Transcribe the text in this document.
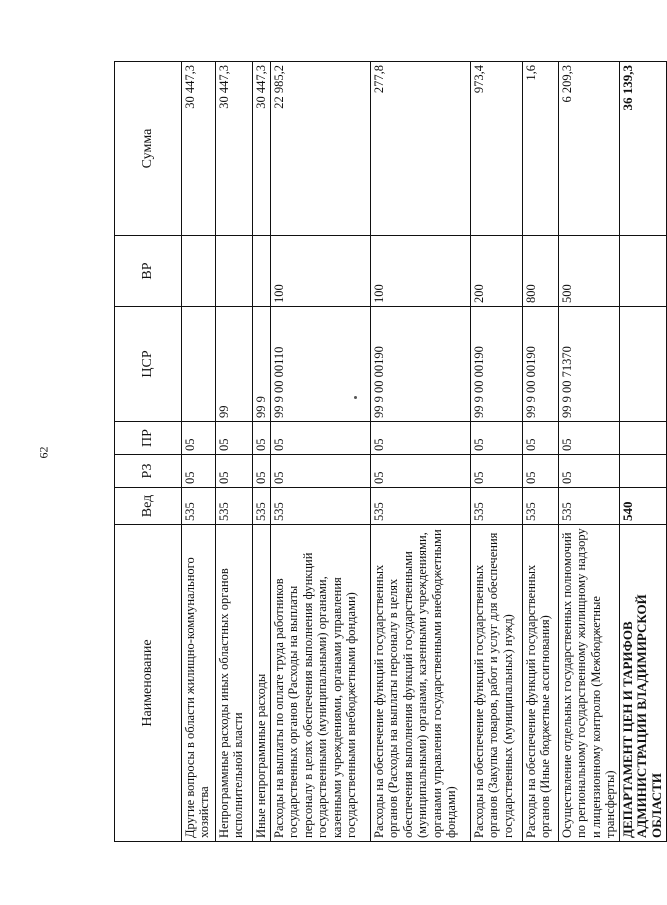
62
Наименование	Вед	РЗ	ПР	ЦСР	ВР	Сумма
Другие вопросы в области жилищно-коммунального хозяйства	535	05	05			30 447,3
Непрограммные расходы иных областных органов исполнительной власти	535	05	05	99		30 447,3
Иные непрограммные расходы	535	05	05	99 9		30 447,3
Расходы на выплаты по оплате труда работников государственных органов (Расходы на выплаты персоналу в целях обеспечения выполнения функций государственными (муниципальными) органами, казенными учреждениями, органами управления государственными внебюджетными фондами)	535	05	05	99 9 00 00110	100	22 985,2
Расходы на обеспечение функций государственных органов (Расходы на выплаты персоналу в целях обеспечения выполнения функций государственными (муниципальными) органами, казенными учреждениями, органами управления государственными внебюджетными фондами)	535	05	05	99 9 00 00190	100	277,8
Расходы на обеспечение функций государственных органов (Закупка товаров, работ и услуг для обеспечения государственных (муниципальных) нужд)	535	05	05	99 9 00 00190	200	973,4
Расходы на обеспечение функций государственных органов (Иные бюджетные ассигнования)	535	05	05	99 9 00 00190	800	1,6
Осуществление отдельных государственных полномочий по региональному государственному жилищному надзору и лицензионному контролю (Межбюджетные трансферты)	535	05	05	99 9 00 71370	500	6 209,3
ДЕПАРТАМЕНТ ЦЕН И ТАРИФОВ АДМИНИСТРАЦИИ ВЛАДИМИРСКОЙ ОБЛАСТИ	540					36 139,3
